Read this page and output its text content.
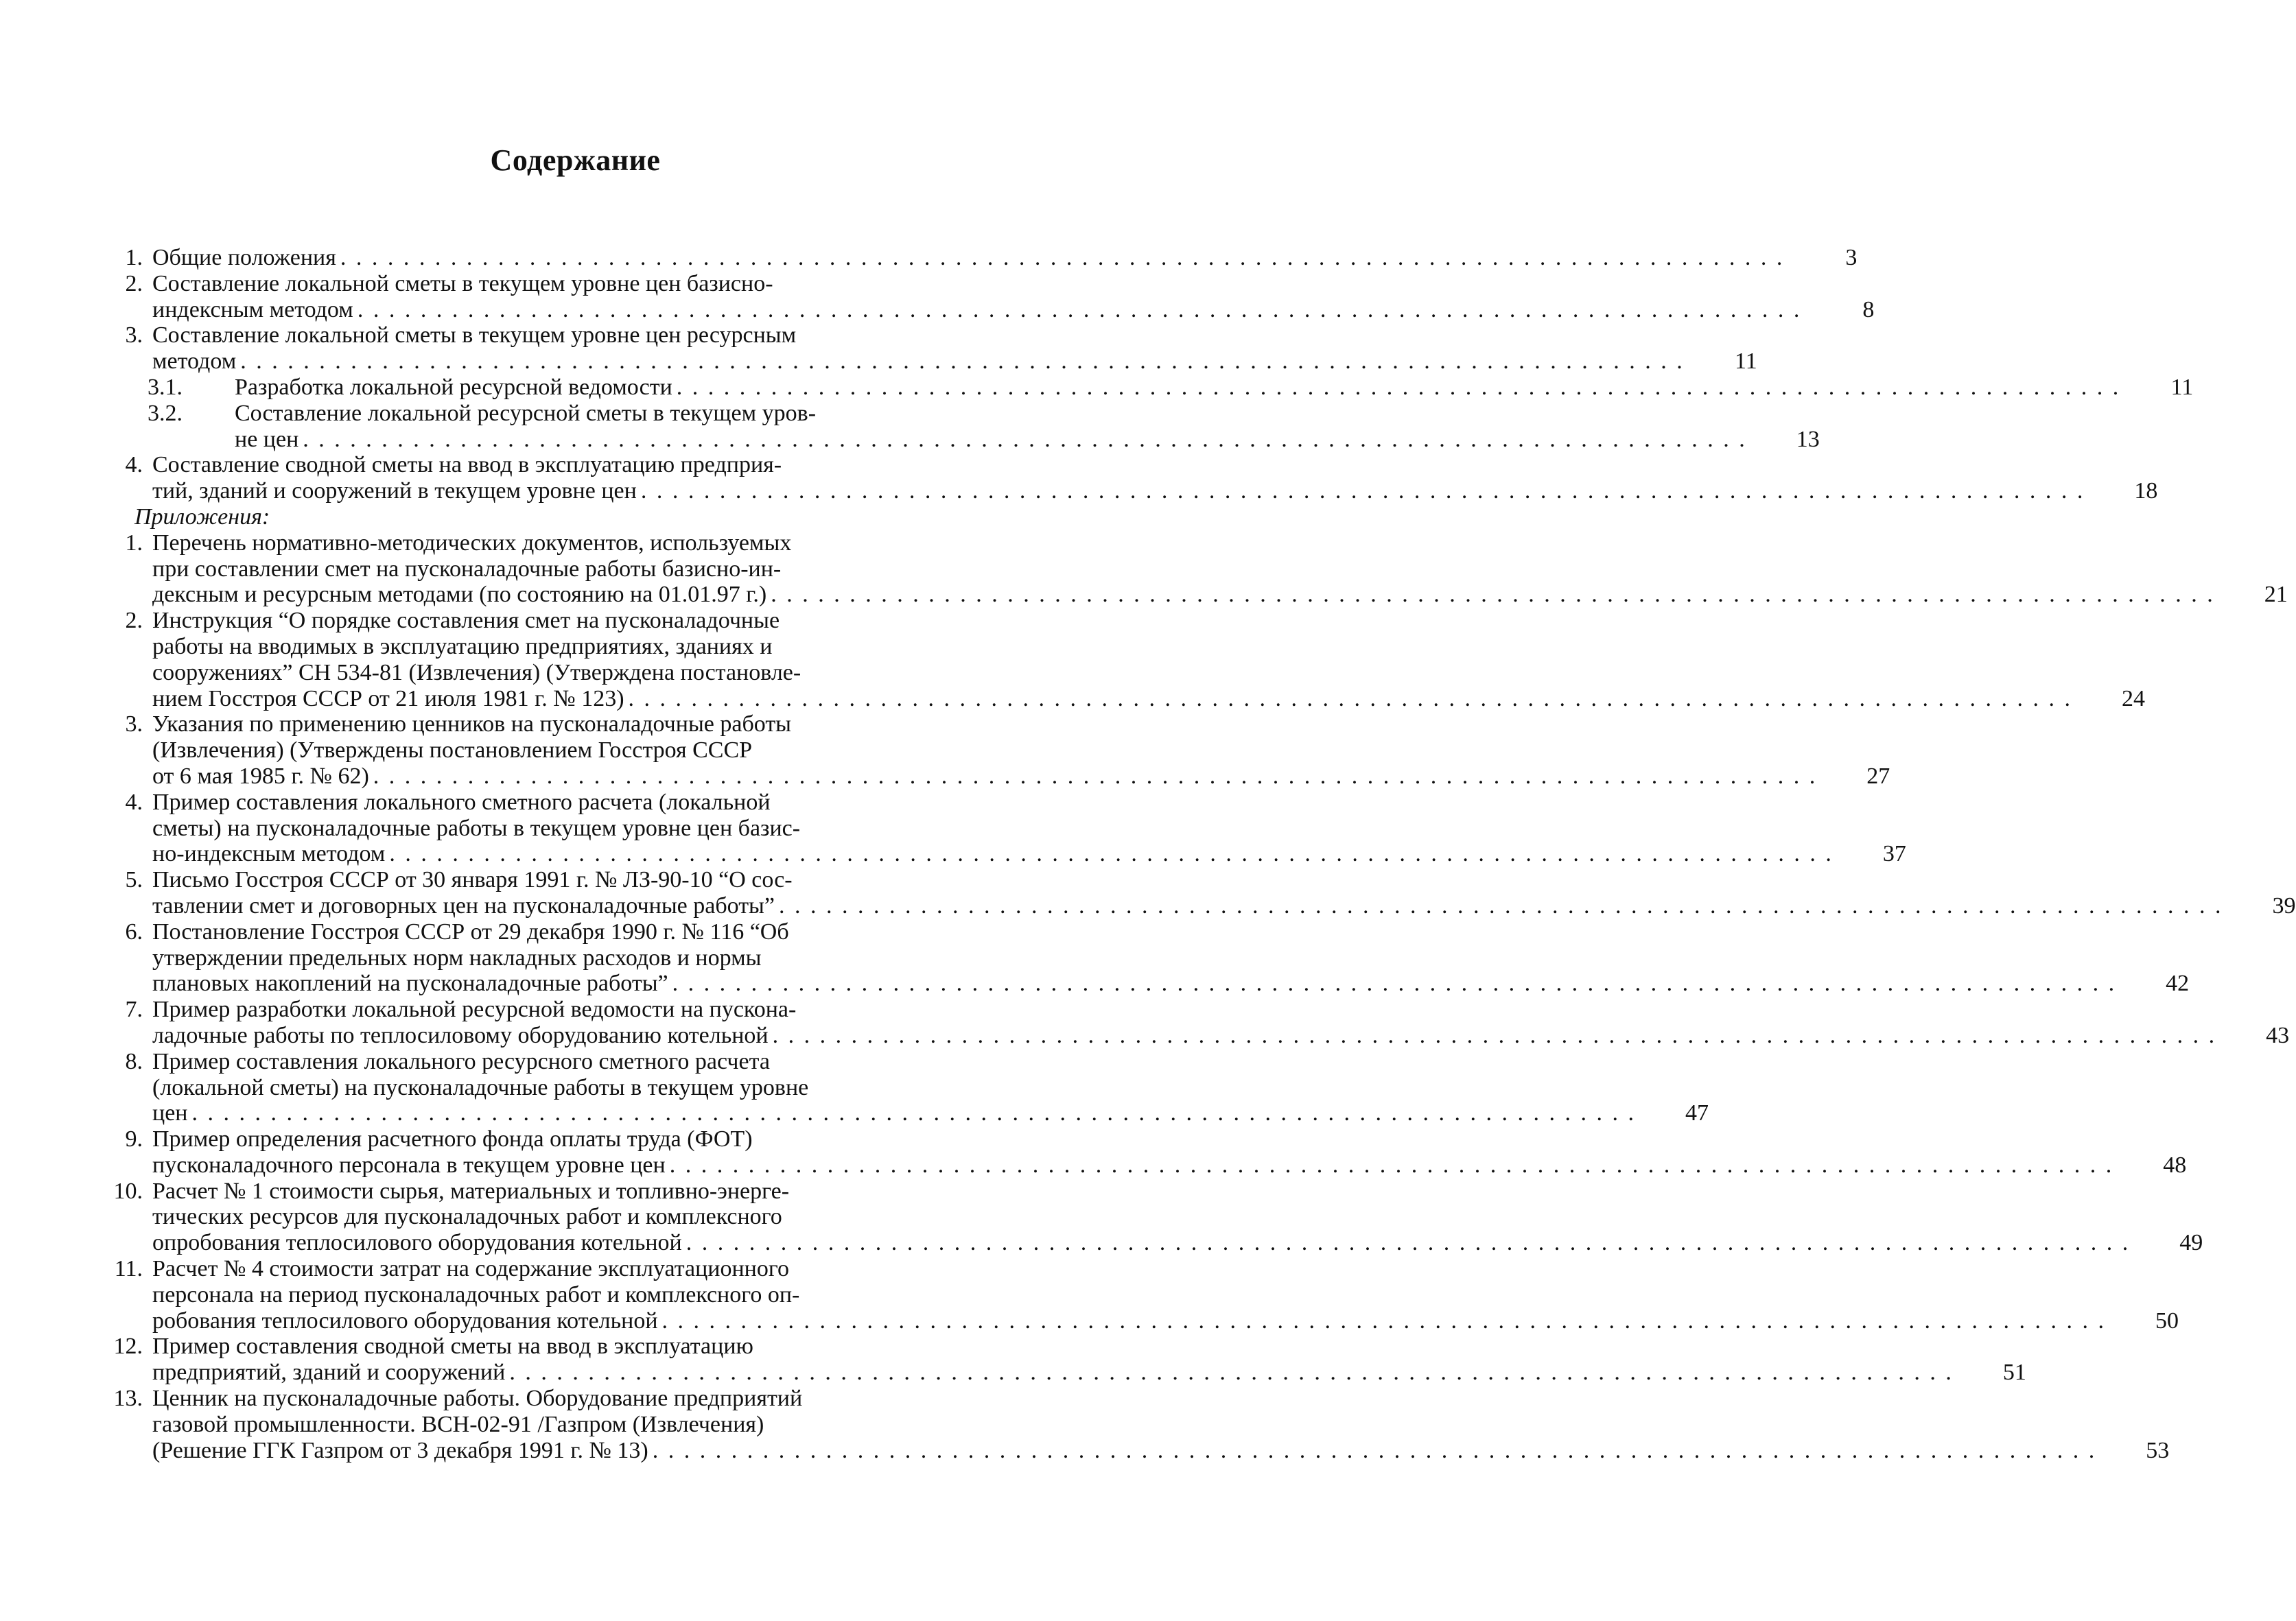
Содержание
1. Общие положения . . .	3
2. Составление локальной сметы в текущем уровне цен базисно-
индексным методом . . .	8
3. Составление локальной сметы в текущем уровне цен ресурсным
методом . . .	11
3.1.	Разработка локальной ресурсной ведомости . . .	11
3.2.	Составление локальной ресурсной сметы в текущем уров-
не цен . . .	13
4. Составление сводной сметы на ввод в эксплуатацию предприя-
тий, зданий и сооружений в текущем уровне цен . . .	18
Приложения:
1. Перечень нормативно-методических документов, используемых
при составлении смет на пусконаладочные работы базисно-ин-
дексным и ресурсным методами (по состоянию на 01.01.97 г.) . . .	21
2. Инструкция “О порядке составления смет на пусконаладочные
работы на вводимых в эксплуатацию предприятиях, зданиях и
сооружениях” СН 534-81 (Извлечения) (Утверждена постановле-
нием Госстроя СССР от 21 июля 1981 г. № 123) . . .	24
3. Указания по применению ценников на пусконаладочные работы
(Извлечения) (Утверждены постановлением Госстроя СССР
от 6 мая 1985 г. № 62) . . .	27
4. Пример составления локального сметного расчета (локальной
сметы) на пусконаладочные работы в текущем уровне цен базис-
но-индексным методом . . .	37
5. Письмо Госстроя СССР от 30 января 1991 г. № ЛЗ-90-10 “О сос-
тавлении смет и договорных цен на пусконаладочные работы” . . .	39
6. Постановление Госстроя СССР от 29 декабря 1990 г. № 116 “Об
утверждении предельных норм накладных расходов и нормы
плановых накоплений на пусконаладочные работы” . . .	42
7. Пример разработки локальной ресурсной ведомости на пускона-
ладочные работы по теплосиловому оборудованию котельной . . .	43
8. Пример составления локального ресурсного сметного расчета
(локальной сметы) на пусконаладочные работы в текущем уровне
цен . . .	47
9. Пример определения расчетного фонда оплаты труда (ФОТ)
пусконаладочного персонала в текущем уровне цен . . .	48
10. Расчет № 1 стоимости сырья, материальных и топливно-энерге-
тических ресурсов для пусконаладочных работ и комплексного
опробования теплосилового оборудования котельной . . .	49
11. Расчет № 4 стоимости затрат на содержание эксплуатационного
персонала на период пусконаладочных работ и комплексного оп-
робования теплосилового оборудования котельной . . .	50
12. Пример составления сводной сметы на ввод в эксплуатацию
предприятий, зданий и сооружений . . .	51
13. Ценник на пусконаладочные работы. Оборудование предприятий
газовой промышленности. ВСН-02-91 /Газпром (Извлечения)
(Решение ГГК Газпром от 3 декабря 1991 г. № 13) . . .	53
